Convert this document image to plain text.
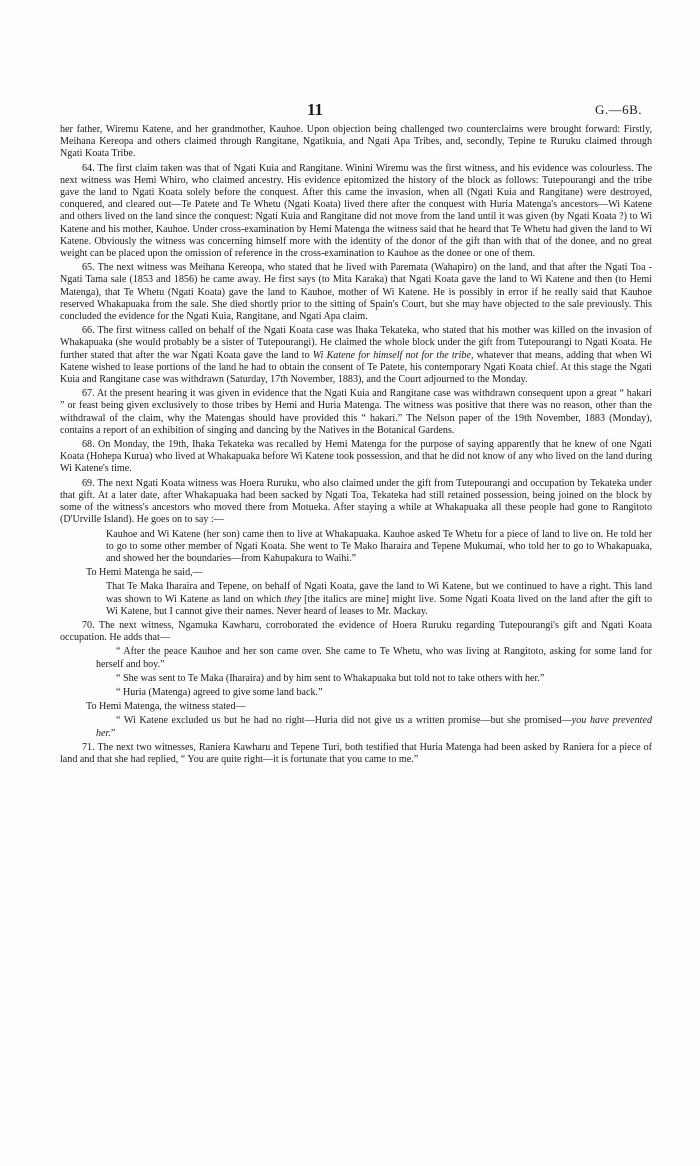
11	G.—6B.

her father, Wiremu Katene, and her grandmother, Kauhoe. Upon objection being challenged two counterclaims were brought forward: Firstly, Meihana Kereopa and others claimed through Rangitane, Ngatikuia, and Ngati Apa Tribes, and, secondly, Tepine te Ruruku claimed through Ngati Koata Tribe.

64. The first claim taken was that of Ngati Kuia and Rangitane. Winini Wiremu was the first witness, and his evidence was colourless. The next witness was Hemi Whiro, who claimed ancestry. His evidence epitomized the history of the block as follows: Tutepourangi and the tribe gave the land to Ngati Koata solely before the conquest. After this came the invasion, when all (Ngati Kuia and Rangitane) were destroyed, conquered, and cleared out—Te Patete and Te Whetu (Ngati Koata) lived there after the conquest with Huria Matenga's ancestors—Wi Katene and others lived on the land since the conquest: Ngati Kuia and Rangitane did not move from the land until it was given (by Ngati Koata ?) to Wi Katene and his mother, Kauhoe. Under cross-examination by Hemi Matenga the witness said that he heard that Te Whetu had given the land to Wi Katene. Obviously the witness was concerning himself more with the identity of the donor of the gift than with that of the donee, and no great weight can be placed upon the omission of reference in the cross-examination to Kauhoe as the donee or one of them.

65. The next witness was Meihana Kereopa, who stated that he lived with Paremata (Wahapiro) on the land, and that after the Ngati Toa - Ngati Tama sale (1853 and 1856) he came away. He first says (to Mita Karaka) that Ngati Koata gave the land to Wi Katene and then (to Hemi Matenga), that Te Whetu (Ngati Koata) gave the land to Kauhoe, mother of Wi Katene. He is possibly in error if he really said that Kauhoe reserved Whakapuaka from the sale. She died shortly prior to the sitting of Spain's Court, but she may have objected to the sale previously. This concluded the evidence for the Ngati Kuia, Rangitane, and Ngati Apa claim.

66. The first witness called on behalf of the Ngati Koata case was Ihaka Tekateka, who stated that his mother was killed on the invasion of Whakapuaka (she would probably be a sister of Tutepourangi). He claimed the whole block under the gift from Tutepourangi to Ngati Koata. He further stated that after the war Ngati Koata gave the land to Wi Katene for himself not for the tribe, whatever that means, adding that when Wi Katene wished to lease portions of the land he had to obtain the consent of Te Patete, his contemporary Ngati Koata chief. At this stage the Ngati Kuia and Rangitane case was withdrawn (Saturday, 17th November, 1883), and the Court adjourned to the Monday.

67. At the present hearing it was given in evidence that the Ngati Kuia and Rangitane case was withdrawn consequent upon a great “ hakari ” or feast being given exclusively to those tribes by Hemi and Huria Matenga. The witness was positive that there was no reason, other than the withdrawal of the claim, why the Matengas should have provided this “ hakari.” The Nelson paper of the 19th November, 1883 (Monday), contains a report of an exhibition of singing and dancing by the Natives in the Botanical Gardens.

68. On Monday, the 19th, Ihaka Tekateka was recalled by Hemi Matenga for the purpose of saying apparently that he knew of one Ngati Koata (Hohepa Kurua) who lived at Whakapuaka before Wi Katene took possession, and that he did not know of any who lived on the land during Wi Katene's time.

69. The next Ngati Koata witness was Hoera Ruruku, who also claimed under the gift from Tutepourangi and occupation by Tekateka under that gift. At a later date, after Whakapuaka had been sacked by Ngati Toa, Tekateka had still retained possession, being joined on the block by some of the witness's ancestors who moved there from Motueka. After staying a while at Whakapuaka all these people had gone to Rangitoto (D'Urville Island). He goes on to say :—

Kauhoe and Wi Katene (her son) came then to live at Whakapuaka. Kauhoe asked Te Whetu for a piece of land to live on. He told her to go to some other member of Ngati Koata. She went to Te Mako Iharaira and Tepene Mukumai, who told her to go to Whakapuaka, and showed her the boundaries—from Kahupakura to Waihi.”

To Hemi Matenga he said,—

That Te Maka Iharaira and Tepene, on behalf of Ngati Koata, gave the land to Wi Katene, but we continued to have a right. This land was shown to Wi Katene as land on which they [the italics are mine] might live. Some Ngati Koata lived on the land after the gift to Wi Katene, but I cannot give their names. Never heard of leases to Mr. Mackay.

70. The next witness, Ngamuka Kawharu, corroborated the evidence of Hoera Ruruku regarding Tutepourangi's gift and Ngati Koata occupation. He adds that—

“ After the peace Kauhoe and her son came over. She came to Te Whetu, who was living at Rangitoto, asking for some land for herself and boy.”

“ She was sent to Te Maka (Iharaira) and by him sent to Whakapuaka but told not to take others with her.”

“ Huria (Matenga) agreed to give some land back.”

To Hemi Matenga, the witness stated—

“ Wi Katene excluded us but he had no right—Huria did not give us a written promise—but she promised—you have prevented her.”

71. The next two witnesses, Raniera Kawharu and Tepene Turi, both testified that Huria Matenga had been asked by Raniera for a piece of land and that she had replied, “ You are quite right—it is fortunate that you came to me.”
